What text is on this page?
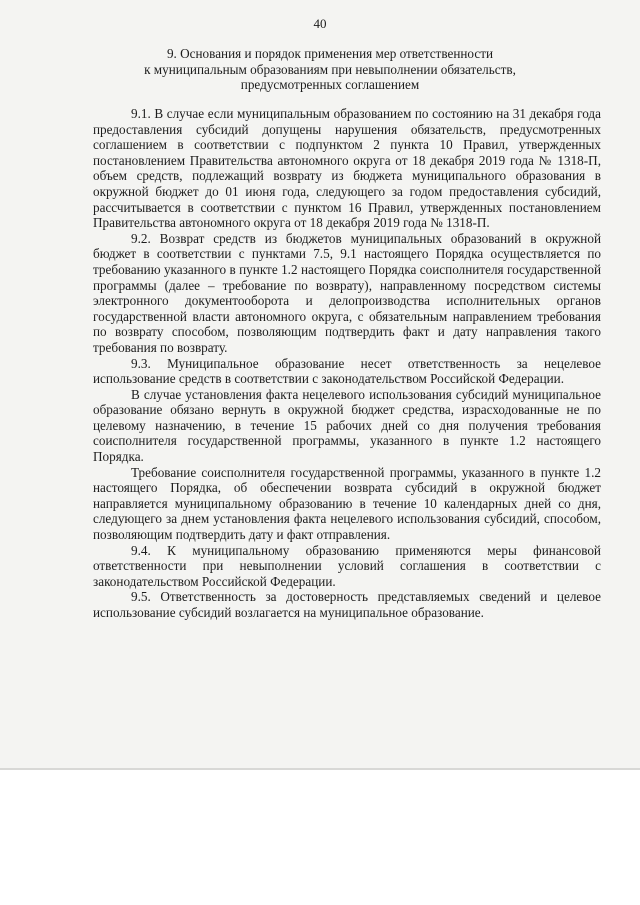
40
9. Основания и порядок применения мер ответственности
к муниципальным образованиям при невыполнении обязательств,
предусмотренных соглашением

9.1. В случае если муниципальным образованием по состоянию на 31 декабря года предоставления субсидий допущены нарушения обязательств, предусмотренных соглашением в соответствии с подпунктом 2 пункта 10 Правил, утвержденных постановлением Правительства автономного округа от 18 декабря 2019 года № 1318-П, объем средств, подлежащий возврату из бюджета муниципального образования в окружной бюджет до 01 июня года, следующего за годом предоставления субсидий, рассчитывается в соответствии с пунктом 16 Правил, утвержденных постановлением Правительства автономного округа от 18 декабря 2019 года № 1318-П.

9.2. Возврат средств из бюджетов муниципальных образований в окружной бюджет в соответствии с пунктами 7.5, 9.1 настоящего Порядка осуществляется по требованию указанного в пункте 1.2 настоящего Порядка соисполнителя государственной программы (далее – требование по возврату), направленному посредством системы электронного документооборота и делопроизводства исполнительных органов государственной власти автономного округа, с обязательным направлением требования по возврату способом, позволяющим подтвердить факт и дату направления такого требования по возврату.

9.3. Муниципальное образование несет ответственность за нецелевое использование средств в соответствии с законодательством Российской Федерации.

В случае установления факта нецелевого использования субсидий муниципальное образование обязано вернуть в окружной бюджет средства, израсходованные не по целевому назначению, в течение 15 рабочих дней со дня получения требования соисполнителя государственной программы, указанного в пункте 1.2 настоящего Порядка.

Требование соисполнителя государственной программы, указанного в пункте 1.2 настоящего Порядка, об обеспечении возврата субсидий в окружной бюджет направляется муниципальному образованию в течение 10 календарных дней со дня, следующего за днем установления факта нецелевого использования субсидий, способом, позволяющим подтвердить дату и факт отправления.

9.4. К муниципальному образованию применяются меры финансовой ответственности при невыполнении условий соглашения в соответствии с законодательством Российской Федерации.

9.5. Ответственность за достоверность представляемых сведений и целевое использование субсидий возлагается на муниципальное образование.
